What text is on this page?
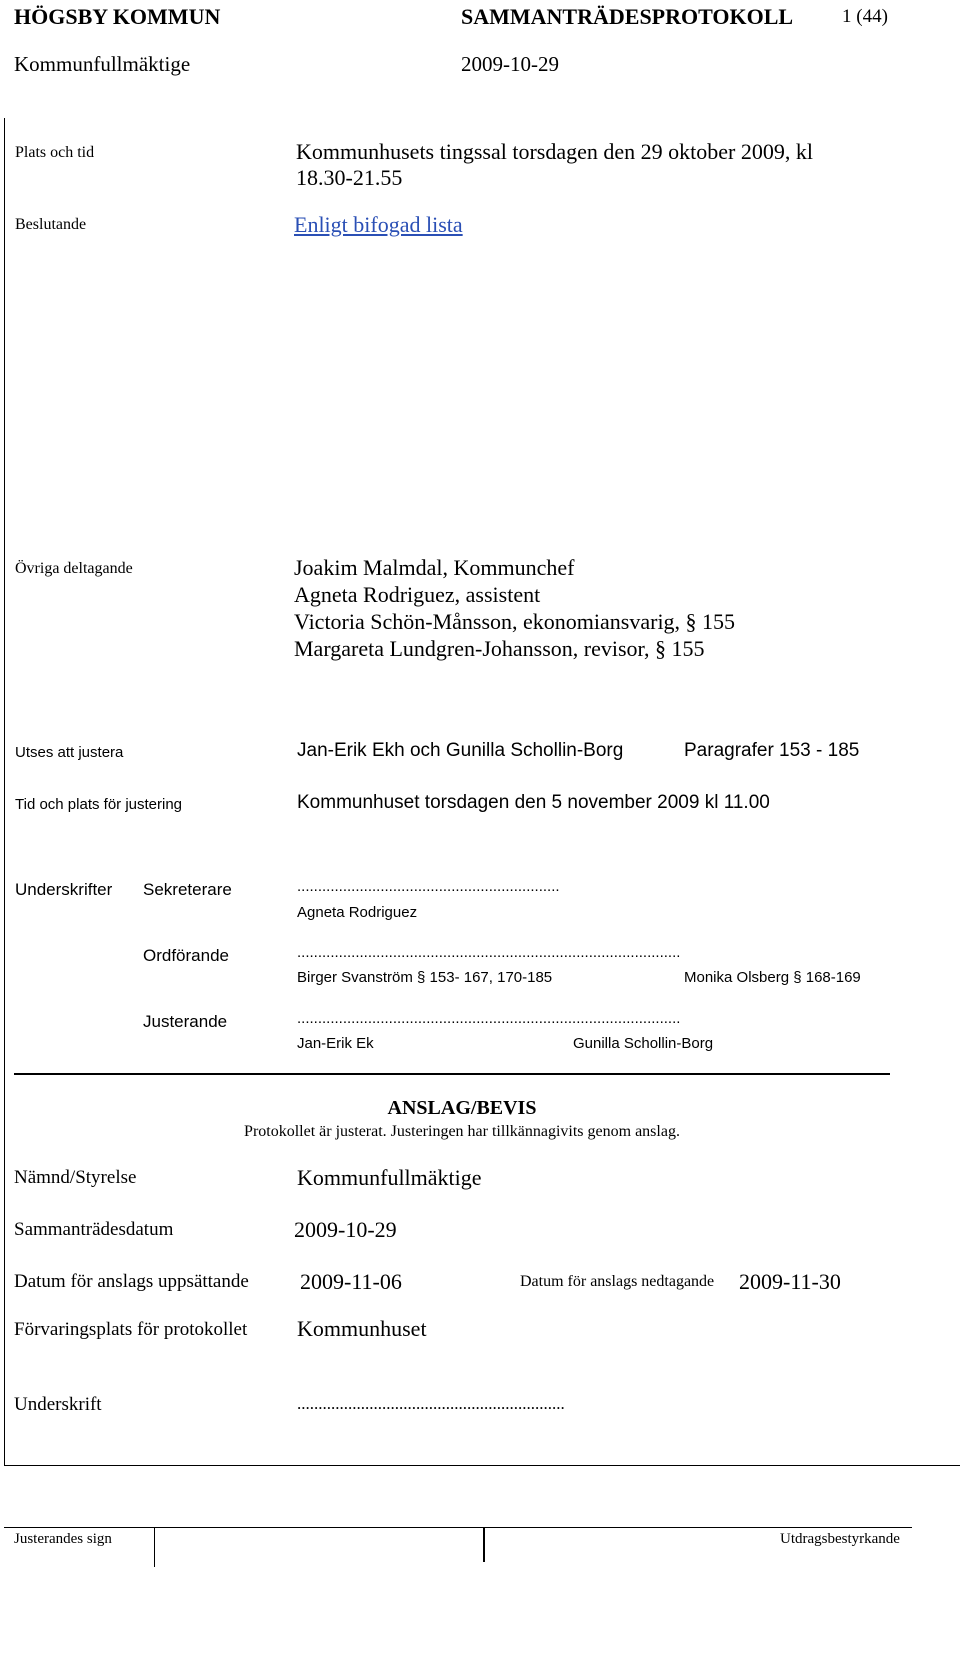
HÖGSBY KOMMUN	SAMMANTRÄDESPROTOKOLL	1 (44)
Kommunfullmäktige	2009-10-29
Plats och tid	Kommunhusets tingssal torsdagen den 29 oktober 2009, kl
18.30-21.55
Beslutande	Enligt bifogad lista
Övriga deltagande	Joakim Malmdal, Kommunchef
Agneta Rodriguez, assistent
Victoria Schön-Månsson, ekonomiansvarig, § 155
Margareta Lundgren-Johansson, revisor, § 155
Utses att justera	Jan-Erik Ekh och Gunilla Schollin-Borg	Paragrafer 153 - 185
Tid och plats för justering	Kommunhuset torsdagen den 5 november 2009 kl 11.00
Underskrifter Sekreterare	...............................................................
Agneta Rodriguez
Ordförande	............................................................................................
Birger Svanström § 153- 167, 170-185	Monika Olsberg § 168-169
Justerande	............................................................................................
Jan-Erik Ek	Gunilla Schollin-Borg
ANSLAG/BEVIS
Protokollet är justerat. Justeringen har tillkännagivits genom anslag.
Nämnd/Styrelse	Kommunfullmäktige
Sammanträdesdatum	2009-10-29
Datum för anslags uppsättande 2009-11-06	Datum för anslags nedtagande 2009-11-30
Förvaringsplats för protokollet Kommunhuset
Underskrift	...............................................................
Justerandes sign	Utdragsbestyrkande
